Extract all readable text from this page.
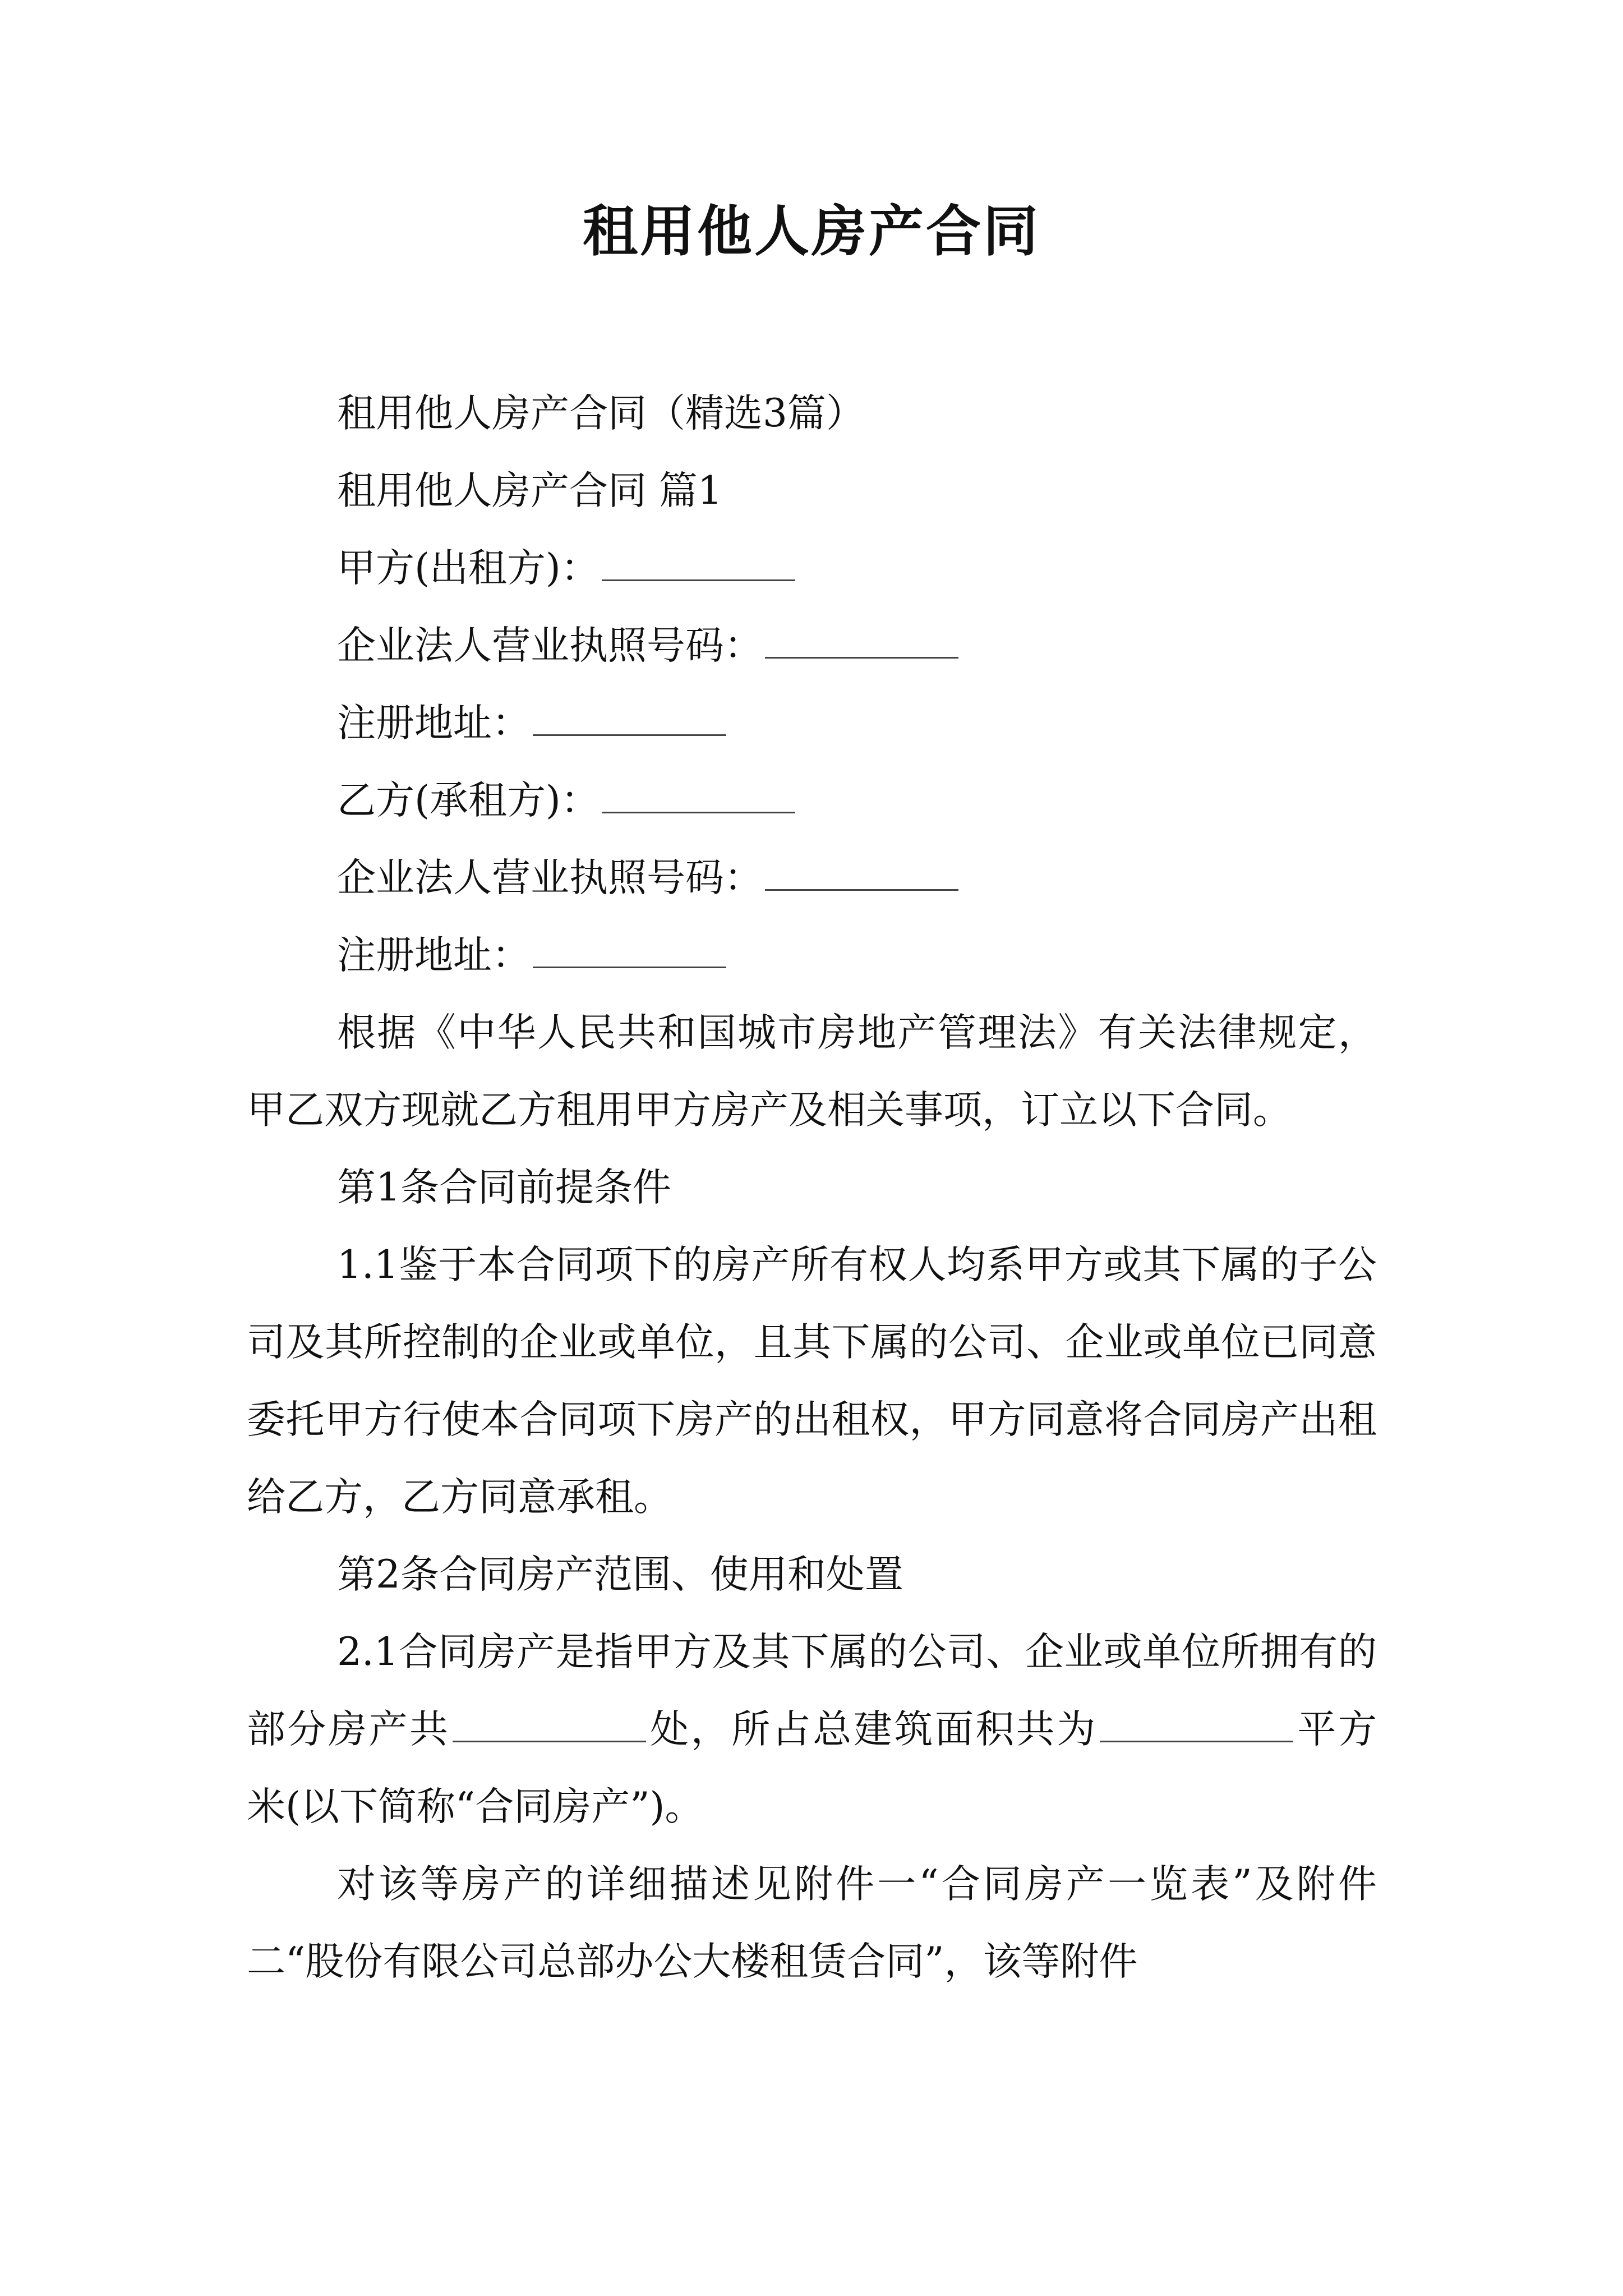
租用他人房产合同

租用他人房产合同（精选3篇）

租用他人房产合同 篇1

甲方(出租方)：

企业法人营业执照号码：

注册地址：

乙方(承租方)：

企业法人营业执照号码：

注册地址：

根据《中华人民共和国城市房地产管理法》有关法律规定，甲乙双方现就乙方租用甲方房产及相关事项，订立以下合同。

第1条合同前提条件

1.1鉴于本合同项下的房产所有权人均系甲方或其下属的子公司及其所控制的企业或单位，且其下属的公司、企业或单位已同意委托甲方行使本合同项下房产的出租权，甲方同意将合同房产出租给乙方，乙方同意承租。

第2条合同房产范围、使用和处置

2.1合同房产是指甲方及其下属的公司、企业或单位所拥有的部分房产共	处，所占总建筑面积共为	平方米(以下简称“合同房产”)。

对该等房产的详细描述见附件一“合同房产一览表”及附件二“股份有限公司总部办公大楼租赁合同”，该等附件
